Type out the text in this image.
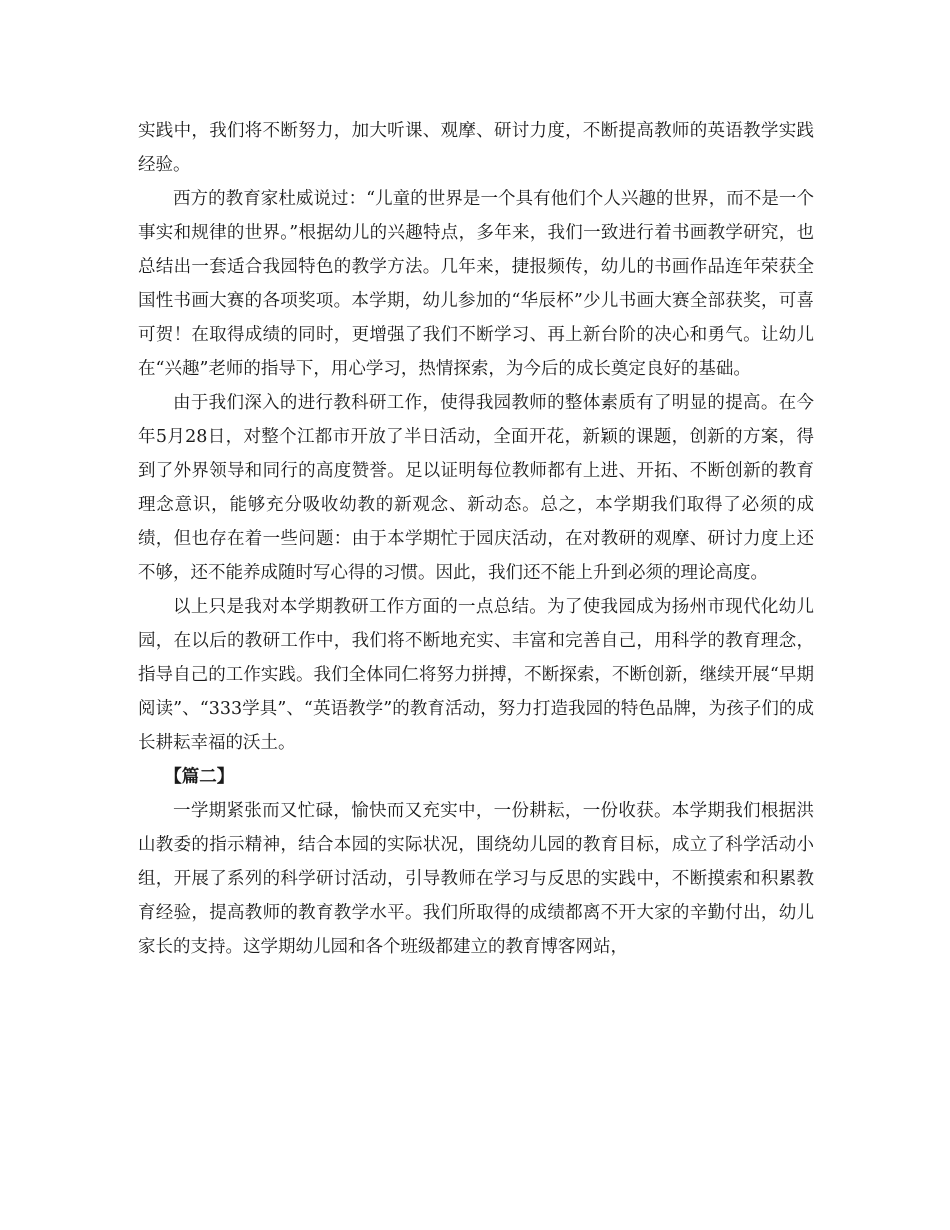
实践中，我们将不断努力，加大听课、观摩、研讨力度，不断提高教师的英语教学实践经验。

西方的教育家杜威说过：“儿童的世界是一个具有他们个人兴趣的世界，而不是一个事实和规律的世界。”根据幼儿的兴趣特点，多年来，我们一致进行着书画教学研究，也总结出一套适合我园特色的教学方法。几年来，捷报频传，幼儿的书画作品连年荣获全国性书画大赛的各项奖项。本学期，幼儿参加的“华辰杯”少儿书画大赛全部获奖，可喜可贺！在取得成绩的同时，更增强了我们不断学习、再上新台阶的决心和勇气。让幼儿在“兴趣”老师的指导下，用心学习，热情探索，为今后的成长奠定良好的基础。

由于我们深入的进行教科研工作，使得我园教师的整体素质有了明显的提高。在今年5月28日，对整个江都市开放了半日活动，全面开花，新颖的课题，创新的方案，得到了外界领导和同行的高度赞誉。足以证明每位教师都有上进、开拓、不断创新的教育理念意识，能够充分吸收幼教的新观念、新动态。总之，本学期我们取得了必须的成绩，但也存在着一些问题：由于本学期忙于园庆活动，在对教研的观摩、研讨力度上还不够，还不能养成随时写心得的习惯。因此，我们还不能上升到必须的理论高度。

以上只是我对本学期教研工作方面的一点总结。为了使我园成为扬州市现代化幼儿园，在以后的教研工作中，我们将不断地充实、丰富和完善自己，用科学的教育理念，指导自己的工作实践。我们全体同仁将努力拼搏，不断探索，不断创新，继续开展“早期阅读”、“333学具”、“英语教学”的教育活动，努力打造我园的特色品牌，为孩子们的成长耕耘幸福的沃土。

【篇二】

一学期紧张而又忙碌，愉快而又充实中，一份耕耘，一份收获。本学期我们根据洪山教委的指示精神，结合本园的实际状况，围绕幼儿园的教育目标，成立了科学活动小组，开展了系列的科学研讨活动，引导教师在学习与反思的实践中，不断摸索和积累教育经验，提高教师的教育教学水平。我们所取得的成绩都离不开大家的辛勤付出，幼儿家长的支持。这学期幼儿园和各个班级都建立的教育博客网站，
